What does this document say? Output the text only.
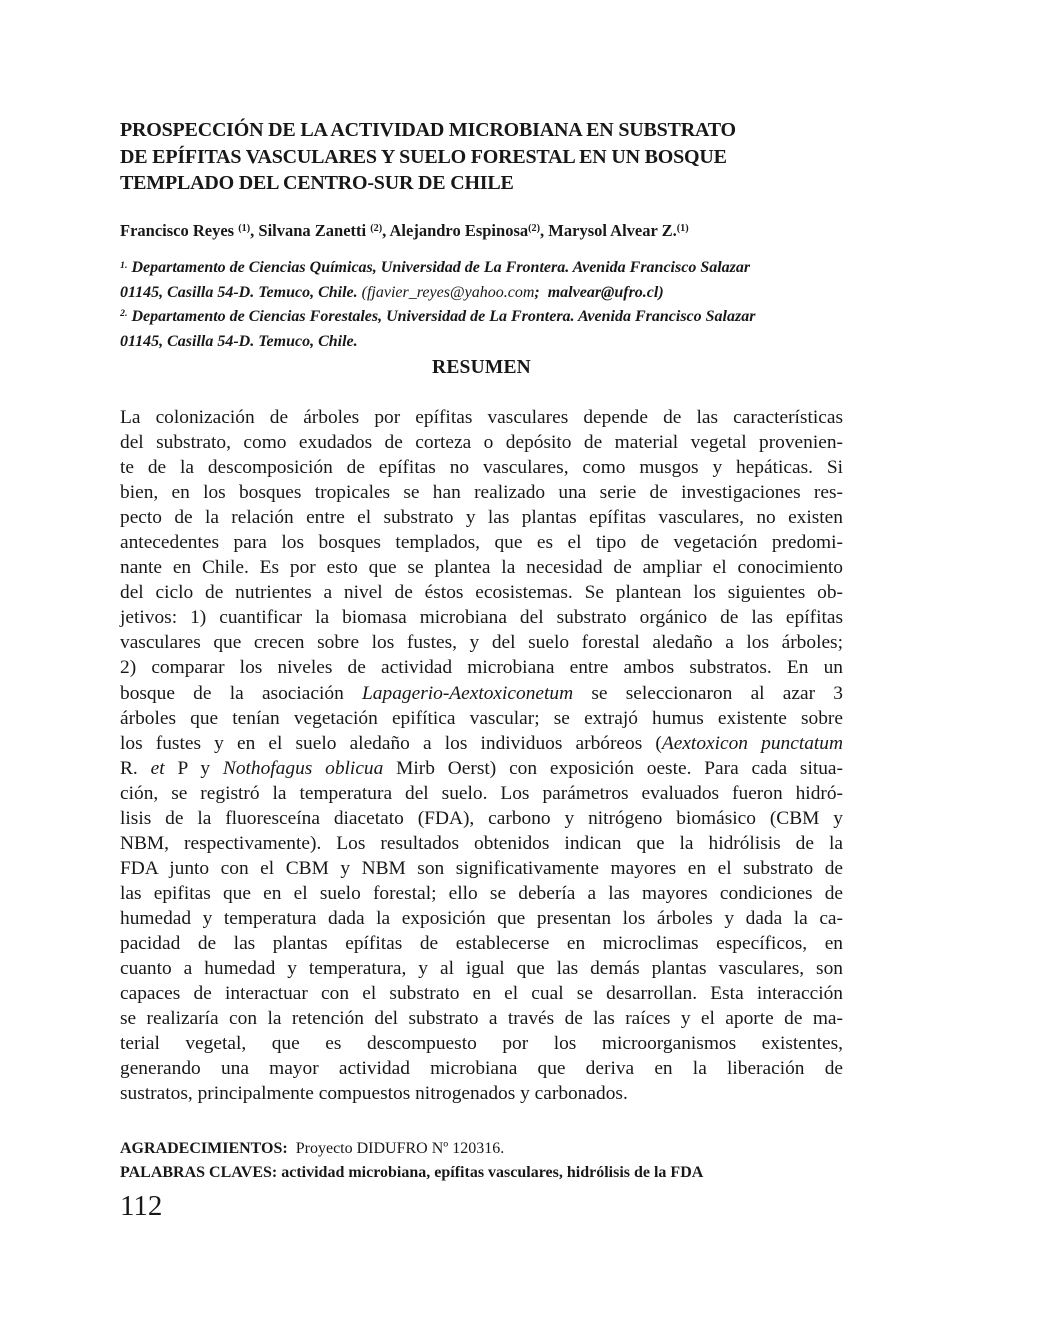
PROSPECCIÓN DE LA ACTIVIDAD MICROBIANA EN SUBSTRATO
DE EPÍFITAS VASCULARES Y SUELO FORESTAL EN UN BOSQUE
TEMPLADO DEL CENTRO-SUR DE CHILE
Francisco Reyes $^{(1)}$, Silvana Zanetti $^{(2)}$, Alejandro Espinosa$^{(2)}$, Marysol Alvear Z.$^{(1)}$
$^{1.}$ Departamento de Ciencias Químicas, Universidad de La Frontera. Avenida Francisco Salazar
01145, Casilla 54-D. Temuco, Chile. (fjavier_reyes@yahoo.com;  malvear@ufro.cl)
$^{2.}$ Departamento de Ciencias Forestales, Universidad de La Frontera. Avenida Francisco Salazar
01145, Casilla 54-D. Temuco, Chile.
RESUMEN
La colonización de árboles por epífitas vasculares depende de las características
del substrato, como exudados de corteza o depósito de material vegetal provenien-
te de la descomposición de epífitas no vasculares, como musgos y hepáticas. Si
bien, en los bosques tropicales se han realizado una serie de investigaciones res-
pecto de la relación entre el substrato y las plantas epífitas vasculares, no existen
antecedentes para los bosques templados, que es el tipo de vegetación predomi-
nante en Chile. Es por esto que se plantea la necesidad de ampliar el conocimiento
del ciclo de nutrientes a nivel de éstos ecosistemas. Se plantean los siguientes ob-
jetivos: 1) cuantificar la biomasa microbiana del substrato orgánico de las epífitas
vasculares que crecen sobre los fustes, y del suelo forestal aledaño a los árboles;
2) comparar los niveles de actividad microbiana entre ambos substratos. En un
bosque de la asociación Lapagerio-Aextoxiconetum se seleccionaron al azar 3
árboles que tenían vegetación epifítica vascular; se extrajó humus existente sobre
los fustes y en el suelo aledaño a los individuos arbóreos (Aextoxicon punctatum
R. et P y Nothofagus oblicua Mirb Oerst) con exposición oeste. Para cada situa-
ción, se registró la temperatura del suelo. Los parámetros evaluados fueron hidró-
lisis de la fluoresceína diacetato (FDA), carbono y nitrógeno biomásico (CBM y
NBM, respectivamente). Los resultados obtenidos indican que la hidrólisis de la
FDA junto con el CBM y NBM son significativamente mayores en el substrato de
las epifitas que en el suelo forestal; ello se debería a las mayores condiciones de
humedad y temperatura dada la exposición que presentan los árboles y dada la ca-
pacidad de las plantas epífitas de establecerse en microclimas específicos, en
cuanto a humedad y temperatura, y al igual que las demás plantas vasculares, son
capaces de interactuar con el substrato en el cual se desarrollan. Esta interacción
se realizaría con la retención del substrato a través de las raíces y el aporte de ma-
terial vegetal, que es descompuesto por los microorganismos existentes,
generando una mayor actividad microbiana que deriva en la liberación de
sustratos, principalmente compuestos nitrogenados y carbonados.
AGRADECIMIENTOS:  Proyecto DIDUFRO Nº 120316.
PALABRAS CLAVES: actividad microbiana, epífitas vasculares, hidrólisis de la FDA
112
